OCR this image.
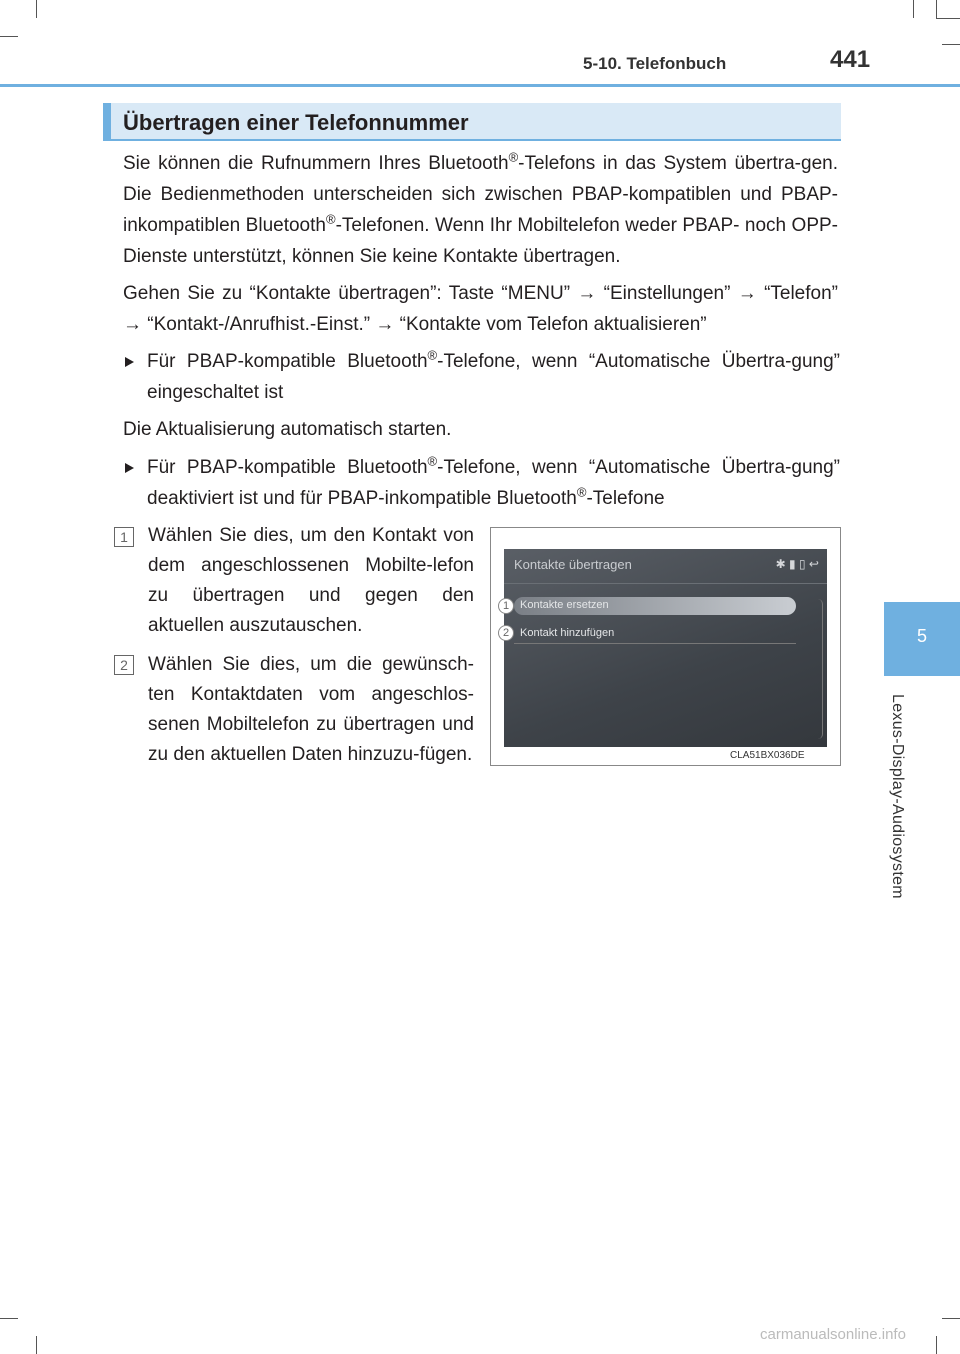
5-10. Telefonbuch	441
5
Lexus-Display-Audiosystem
Übertragen einer Telefonnummer
Sie können die Rufnummern Ihres Bluetooth®-Telefons in das System übertra-gen. Die Bedienmethoden unterscheiden sich zwischen PBAP-kompatiblen und PBAP-inkompatiblen Bluetooth®-Telefonen. Wenn Ihr Mobiltelefon weder PBAP- noch OPP-Dienste unterstützt, können Sie keine Kontakte übertragen.
Gehen Sie zu “Kontakte übertragen”: Taste “MENU” → “Einstellungen” → “Telefon” → “Kontakt-/Anrufhist.-Einst.” → “Kontakte vom Telefon aktualisieren”
Für PBAP-kompatible Bluetooth®-Telefone, wenn “Automatische Übertra-gung” eingeschaltet ist
Die Aktualisierung automatisch starten.
Für PBAP-kompatible Bluetooth®-Telefone, wenn “Automatische Übertra-gung” deaktiviert ist und für PBAP-inkompatible Bluetooth®-Telefone
1	Wählen Sie dies, um den Kontakt von dem angeschlossenen Mobilte-lefon zu übertragen und gegen den aktuellen auszutauschen.
2	Wählen Sie dies, um die gewünsch-ten Kontaktdaten vom angeschlos-senen Mobiltelefon zu übertragen und zu den aktuellen Daten hinzuzu-fügen.
Kontakte übertragen	✱ ▮ ▯ ↩
Kontakte ersetzen
Kontakt hinzufügen
1
2
CLA51BX036DE
carmanualsonline.info
